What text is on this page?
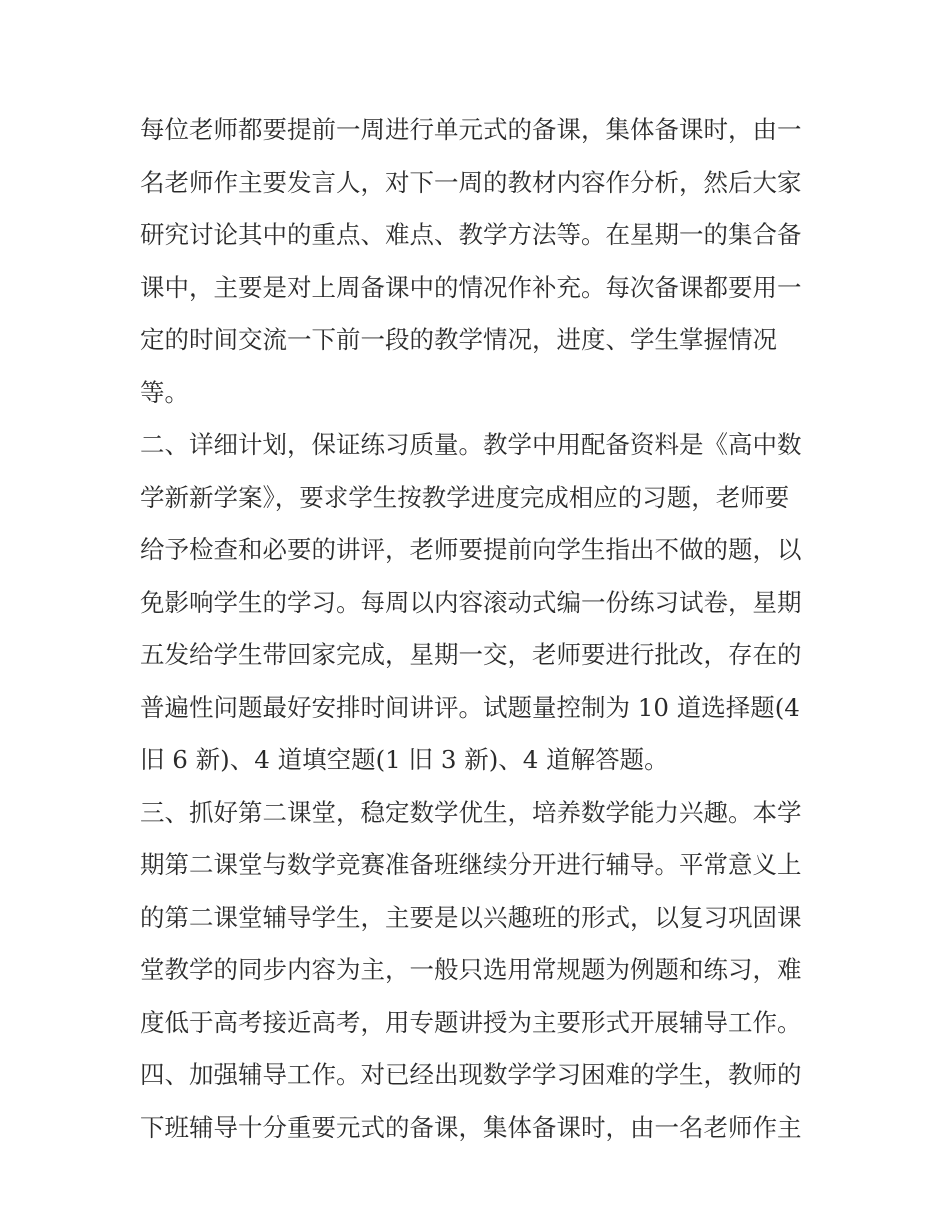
每位老师都要提前一周进行单元式的备课，集体备课时，由一
名老师作主要发言人，对下一周的教材内容作分析，然后大家
研究讨论其中的重点、难点、教学方法等。在星期一的集合备
课中，主要是对上周备课中的情况作补充。每次备课都要用一
定的时间交流一下前一段的教学情况，进度、学生掌握情况
等。
二、详细计划，保证练习质量。教学中用配备资料是《高中数
学新新学案》，要求学生按教学进度完成相应的习题，老师要
给予检查和必要的讲评，老师要提前向学生指出不做的题，以
免影响学生的学习。每周以内容滚动式编一份练习试卷，星期
五发给学生带回家完成，星期一交，老师要进行批改，存在的
普遍性问题最好安排时间讲评。试题量控制为 10 道选择题(4
旧 6 新)、4 道填空题(1 旧 3 新)、4 道解答题。
三、抓好第二课堂，稳定数学优生，培养数学能力兴趣。本学
期第二课堂与数学竞赛准备班继续分开进行辅导。平常意义上
的第二课堂辅导学生，主要是以兴趣班的形式，以复习巩固课
堂教学的同步内容为主，一般只选用常规题为例题和练习，难
度低于高考接近高考，用专题讲授为主要形式开展辅导工作。
四、加强辅导工作。对已经出现数学学习困难的学生，教师的
下班辅导十分重要元式的备课，集体备课时，由一名老师作主
